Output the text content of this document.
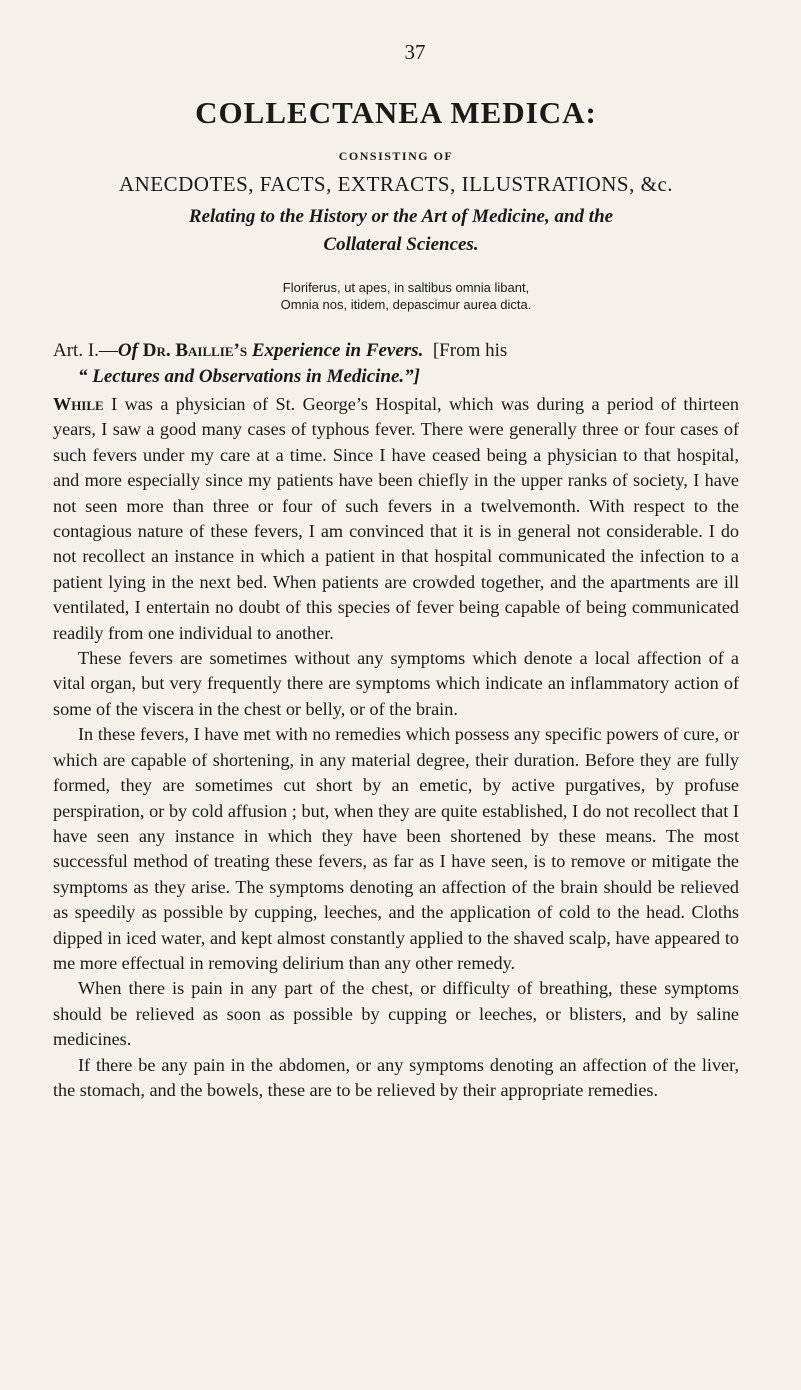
37
COLLECTANEA MEDICA:
CONSISTING OF
ANECDOTES, FACTS, EXTRACTS, ILLUSTRATIONS, &c.
Relating to the History or the Art of Medicine, and the
Collateral Sciences.
Floriferus, ut apes, in saltibus omnia libant,
Omnia nos, itidem, depascimur aurea dicta.
Art. I.—Of Dr. Baillie’s Experience in Fevers. [From his
“ Lectures and Observations in Medicine.”]

While I was a physician of St. George’s Hospital, which was during a period of thirteen years, I saw a good many cases of typhous fever. There were generally three or four cases of such fevers under my care at a time. Since I have ceased being a physician to that hospital, and more especially since my patients have been chiefly in the upper ranks of society, I have not seen more than three or four of such fevers in a twelvemonth. With respect to the contagious nature of these fevers, I am convinced that it is in general not considerable. I do not recollect an instance in which a patient in that hospital communicated the infection to a patient lying in the next bed. When patients are crowded together, and the apartments are ill ventilated, I entertain no doubt of this species of fever being capable of being communicated readily from one individual to another.

These fevers are sometimes without any symptoms which denote a local affection of a vital organ, but very frequently there are symptoms which indicate an inflammatory action of some of the viscera in the chest or belly, or of the brain.

In these fevers, I have met with no remedies which possess any specific powers of cure, or which are capable of shortening, in any material degree, their duration. Before they are fully formed, they are sometimes cut short by an emetic, by active purgatives, by profuse perspiration, or by cold affusion ; but, when they are quite established, I do not recollect that I have seen any instance in which they have been shortened by these means. The most successful method of treating these fevers, as far as I have seen, is to remove or mitigate the symptoms as they arise. The symptoms denoting an affection of the brain should be relieved as speedily as possible by cupping, leeches, and the application of cold to the head. Cloths dipped in iced water, and kept almost constantly applied to the shaved scalp, have appeared to me more effectual in removing delirium than any other remedy.

When there is pain in any part of the chest, or difficulty of breathing, these symptoms should be relieved as soon as possible by cupping or leeches, or blisters, and by saline medicines.

If there be any pain in the abdomen, or any symptoms denoting an affection of the liver, the stomach, and the bowels, these are to be relieved by their appropriate remedies.
